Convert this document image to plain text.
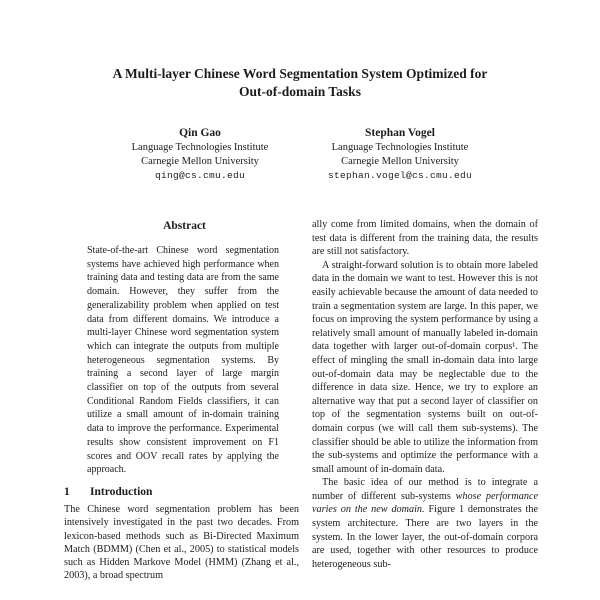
A Multi-layer Chinese Word Segmentation System Optimized for
Out-of-domain Tasks
Qin Gao
Language Technologies Institute
Carnegie Mellon University
qing@cs.cmu.edu
Stephan Vogel
Language Technologies Institute
Carnegie Mellon University
stephan.vogel@cs.cmu.edu
Abstract

State-of-the-art Chinese word segmentation systems have achieved high performance when training data and testing data are from the same domain. However, they suffer from the generalizability problem when applied on test data from different domains. We introduce a multi-layer Chinese word segmentation system which can integrate the outputs from multiple heterogeneous segmentation systems. By training a second layer of large margin classifier on top of the outputs from several Conditional Random Fields classifiers, it can utilize a small amount of in-domain training data to improve the performance. Experimental results show consistent improvement on F1 scores and OOV recall rates by applying the approach.

1 Introduction

The Chinese word segmentation problem has been intensively investigated in the past two decades. From lexicon-based methods such as Bi-Directed Maximum Match (BDMM) (Chen et al., 2005) to statistical models such as Hidden Markove Model (HMM) (Zhang et al., 2003), a broad spectrum

ally come from limited domains, when the domain of test data is different from the training data, the results are still not satisfactory.

A straight-forward solution is to obtain more labeled data in the domain we want to test. However this is not easily achievable because the amount of data needed to train a segmentation system are large. In this paper, we focus on improving the system performance by using a relatively small amount of manually labeled in-domain data together with larger out-of-domain corpus¹. The effect of mingling the small in-domain data into large out-of-domain data may be neglectable due to the difference in data size. Hence, we try to explore an alternative way that put a second layer of classifier on top of the segmentation systems built on out-of-domain corpus (we will call them sub-systems). The classifier should be able to utilize the information from the sub-systems and optimize the performance with a small amount of in-domain data.

The basic idea of our method is to integrate a number of different sub-systems whose performance varies on the new domain. Figure 1 demonstrates the system architecture. There are two layers in the system. In the lower layer, the out-of-domain corpora are used, together with other resources to produce heterogeneous sub-
